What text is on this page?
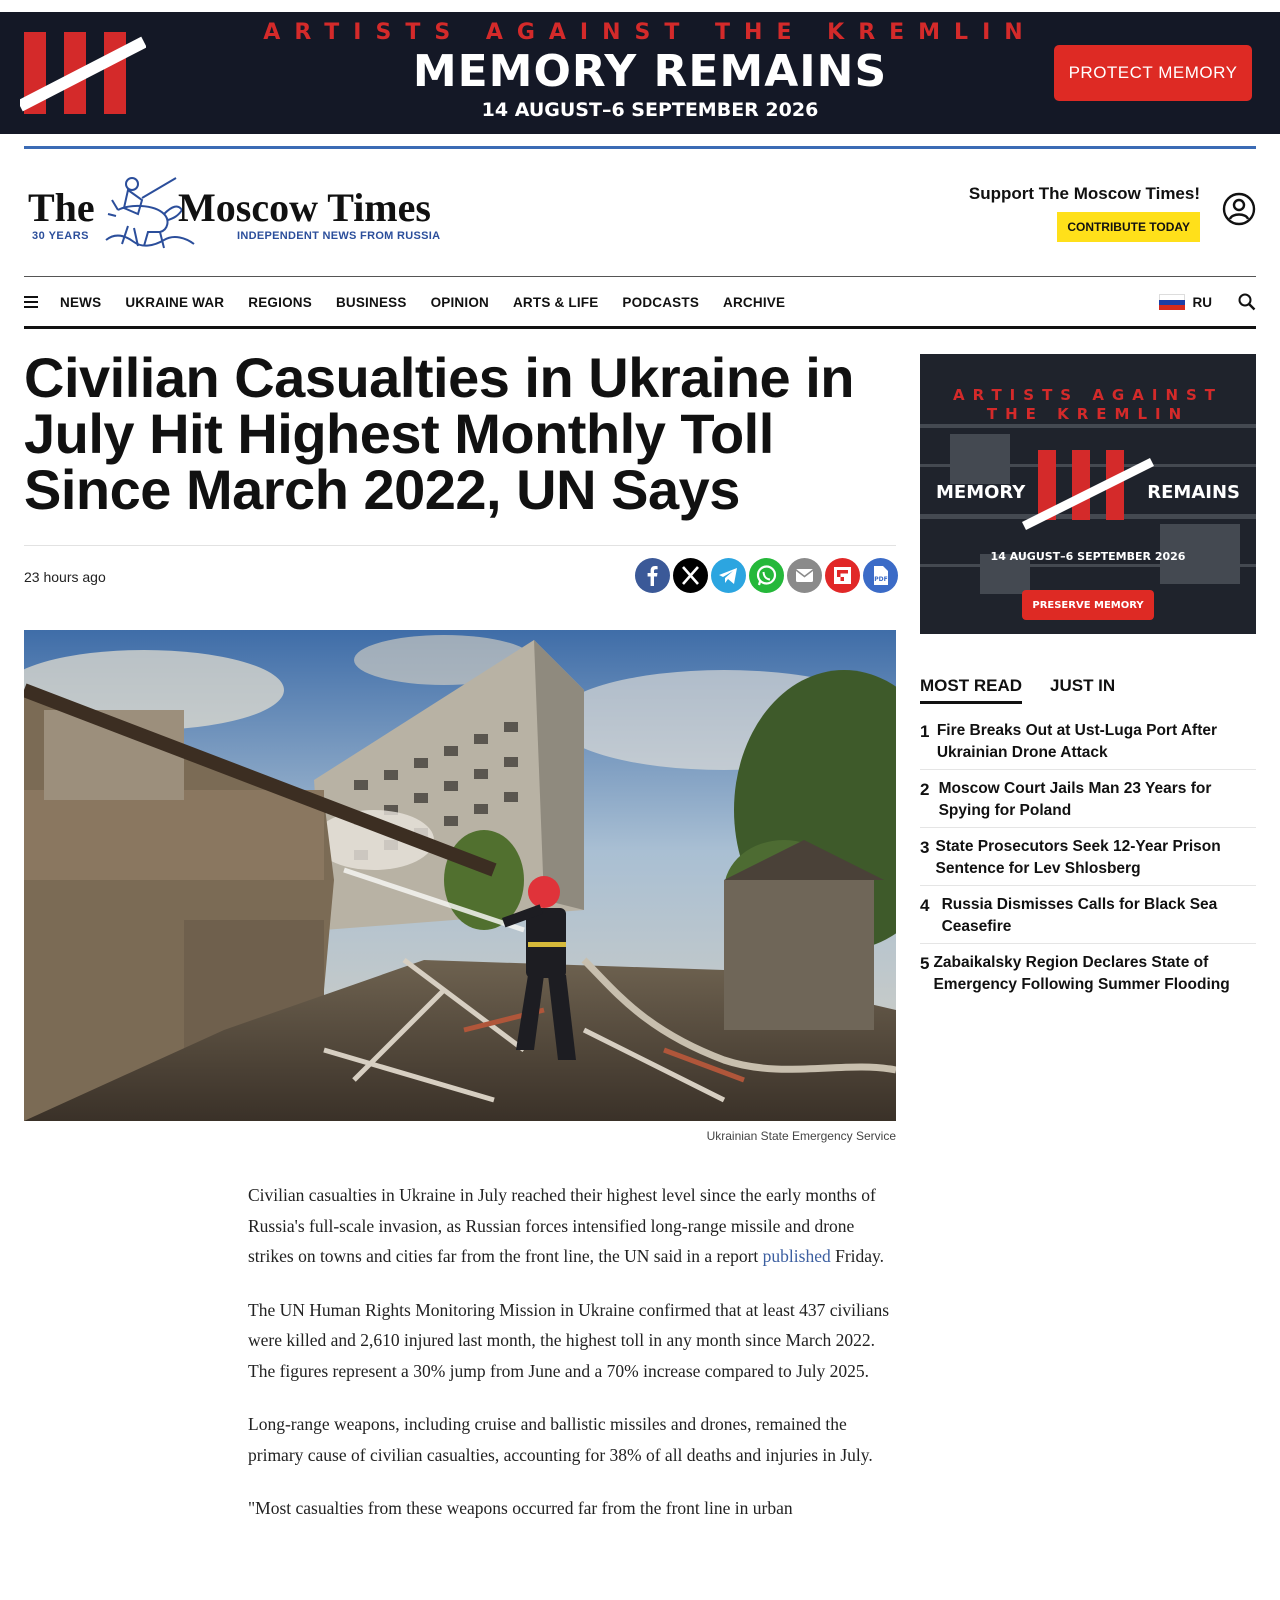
ARTISTS AGAINST THE KREMLIN
MEMORY REMAINS
14 AUGUST–6 SEPTEMBER 2026
PROTECT MEMORY
The
30 YEARS
Moscow Times
INDEPENDENT NEWS FROM RUSSIA
Support The Moscow Times!
CONTRIBUTE TODAY
NEWS UKRAINE WAR REGIONS BUSINESS OPINION ARTS & LIFE PODCASTS ARCHIVE	RU
Civilian Casualties in Ukraine in July Hit Highest Monthly Toll Since March 2022, UN Says
23 hours ago	PDF
Ukrainian State Emergency Service

Civilian casualties in Ukraine in July reached their highest level since the early months of Russia's full-scale invasion, as Russian forces intensified long-range missile and drone strikes on towns and cities far from the front line, the UN said in a report published Friday.

The UN Human Rights Monitoring Mission in Ukraine confirmed that at least 437 civilians were killed and 2,610 injured last month, the highest toll in any month since March 2022. The figures represent a 30% jump from June and a 70% increase compared to July 2025.

Long-range weapons, including cruise and ballistic missiles and drones, remained the primary cause of civilian casualties, accounting for 38% of all deaths and injuries in July.

"Most casualties from these weapons occurred far from the front line in urban

ARTISTS AGAINST THE KREMLIN
MEMORY	REMAINS
14 AUGUST–6 SEPTEMBER 2026
PRESERVE MEMORY
MOST READ JUST IN
1 Fire Breaks Out at Ust-Luga Port After Ukrainian Drone Attack
2 Moscow Court Jails Man 23 Years for Spying for Poland
3 State Prosecutors Seek 12-Year Prison Sentence for Lev Shlosberg
4 Russia Dismisses Calls for Black Sea Ceasefire
5 Zabaikalsky Region Declares State of Emergency Following Summer Flooding
